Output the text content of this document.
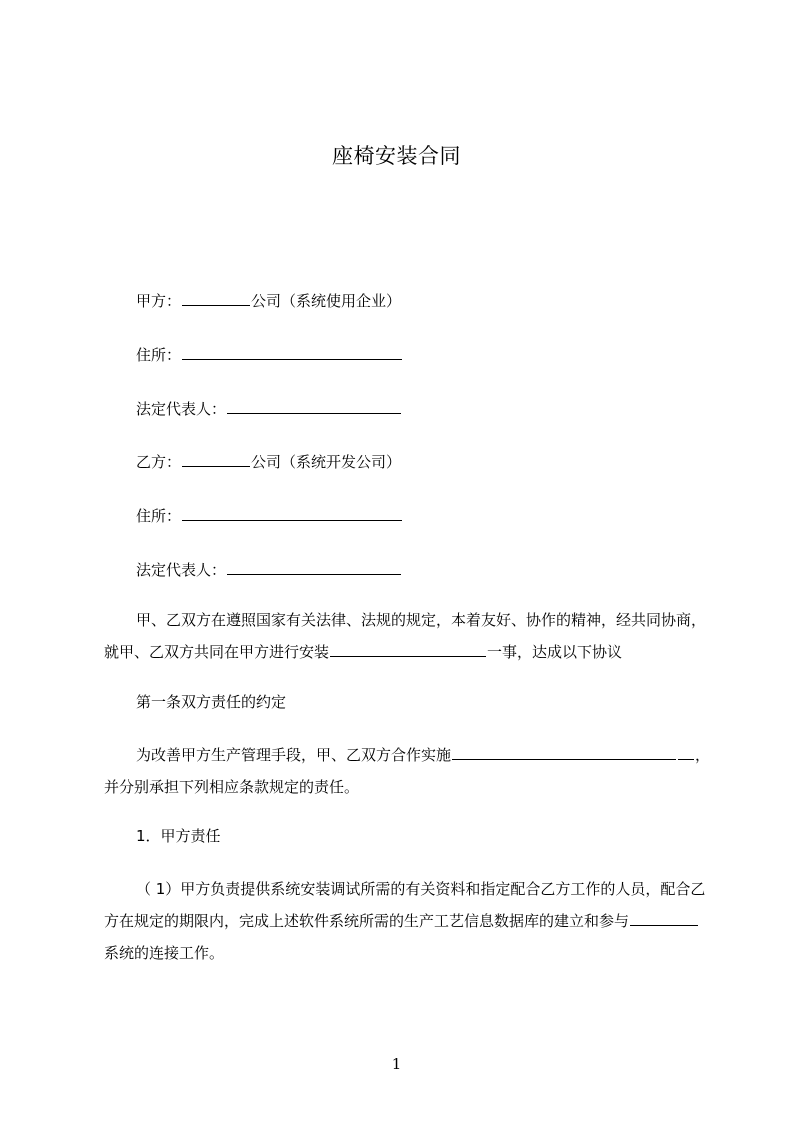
座椅安装合同
甲方：	公司（系统使用企业）
住所：
法定代表人：
乙方：	公司（系统开发公司）
住所：
法定代表人：
甲、乙双方在遵照国家有关法律、法规的规定，本着友好、协作的精神，经共同协商，就甲、乙双方共同在甲方进行安装	一事，达成以下协议
第一条双方责任的约定
为改善甲方生产管理手段，甲、乙双方合作实施	，并分别承担下列相应条款规定的责任。
1．甲方责任
（ 1）甲方负责提供系统安装调试所需的有关资料和指定配合乙方工作的人员，配合乙方在规定的期限内，完成上述软件系统所需的生产工艺信息数据库的建立和参与系统的连接工作。
1
